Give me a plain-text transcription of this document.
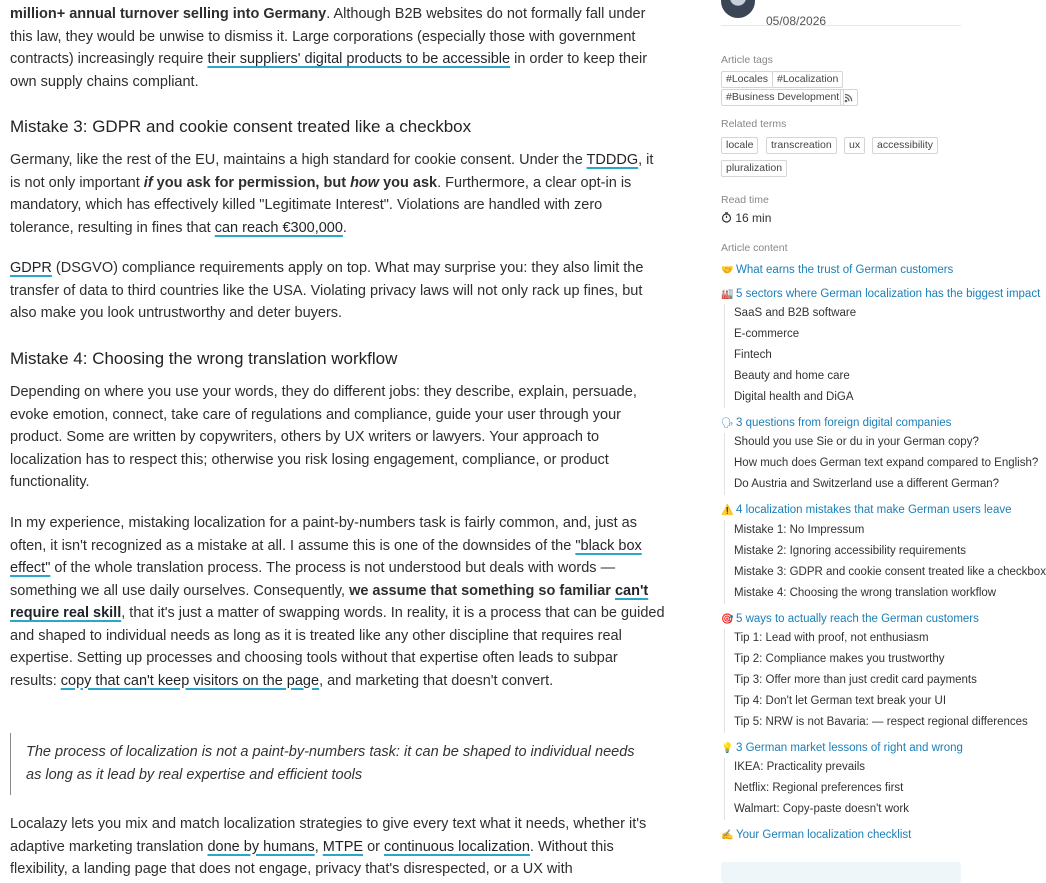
million+ annual turnover selling into Germany. Although B2B websites do not formally fall under this law, they would be unwise to dismiss it. Large corporations (especially those with government contracts) increasingly require their suppliers' digital products to be accessible in order to keep their own supply chains compliant.

Mistake 3: GDPR and cookie consent treated like a checkbox

Germany, like the rest of the EU, maintains a high standard for cookie consent. Under the TDDDG, it is not only important if you ask for permission, but how you ask. Furthermore, a clear opt-in is mandatory, which has effectively killed "Legitimate Interest". Violations are handled with zero tolerance, resulting in fines that can reach €300,000.

GDPR (DSGVO) compliance requirements apply on top. What may surprise you: they also limit the transfer of data to third countries like the USA. Violating privacy laws will not only rack up fines, but also make you look untrustworthy and deter buyers.

Mistake 4: Choosing the wrong translation workflow

Depending on where you use your words, they do different jobs: they describe, explain, persuade, evoke emotion, connect, take care of regulations and compliance, guide your user through your product. Some are written by copywriters, others by UX writers or lawyers. Your approach to localization has to respect this; otherwise you risk losing engagement, compliance, or product functionality.

In my experience, mistaking localization for a paint-by-numbers task is fairly common, and, just as often, it isn't recognized as a mistake at all. I assume this is one of the downsides of the "black box effect" of the whole translation process. The process is not understood but deals with words — something we all use daily ourselves. Consequently, we assume that something so familiar can't require real skill, that it's just a matter of swapping words. In reality, it is a process that can be guided and shaped to individual needs as long as it is treated like any other discipline that requires real expertise. Setting up processes and choosing tools without that expertise often leads to subpar results: copy that can't keep visitors on the page, and marketing that doesn't convert.

The process of localization is not a paint-by-numbers task: it can be shaped to individual needs as long as it lead by real expertise and efficient tools

Localazy lets you mix and match localization strategies to give every text what it needs, whether it's adaptive marketing translation done by humans, MTPE or continuous localization. Without this flexibility, a landing page that does not engage, privacy that's disrespected, or a UX with

05/08/2026
Article tags
#Locales #Localization
#Business Development
Related terms
locale	transcreation	ux	accessibility
pluralization
Read time
16 min
Article content
🤝 What earns the trust of German customers
🏭 5 sectors where German localization has the biggest impact
SaaS and B2B software
E-commerce
Fintech
Beauty and home care
Digital health and DiGA
🗣 3 questions from foreign digital companies
Should you use Sie or du in your German copy?
How much does German text expand compared to English?
Do Austria and Switzerland use a different German?
⚠️ 4 localization mistakes that make German users leave
Mistake 1: No Impressum
Mistake 2: Ignoring accessibility requirements
Mistake 3: GDPR and cookie consent treated like a checkbox
Mistake 4: Choosing the wrong translation workflow
🎯 5 ways to actually reach the German customers
Tip 1: Lead with proof, not enthusiasm
Tip 2: Compliance makes you trustworthy
Tip 3: Offer more than just credit card payments
Tip 4: Don't let German text break your UI
Tip 5: NRW is not Bavaria: — respect regional differences
💡 3 German market lessons of right and wrong
IKEA: Practicality prevails
Netflix: Regional preferences first
Walmart: Copy-paste doesn't work
✍️ Your German localization checklist
